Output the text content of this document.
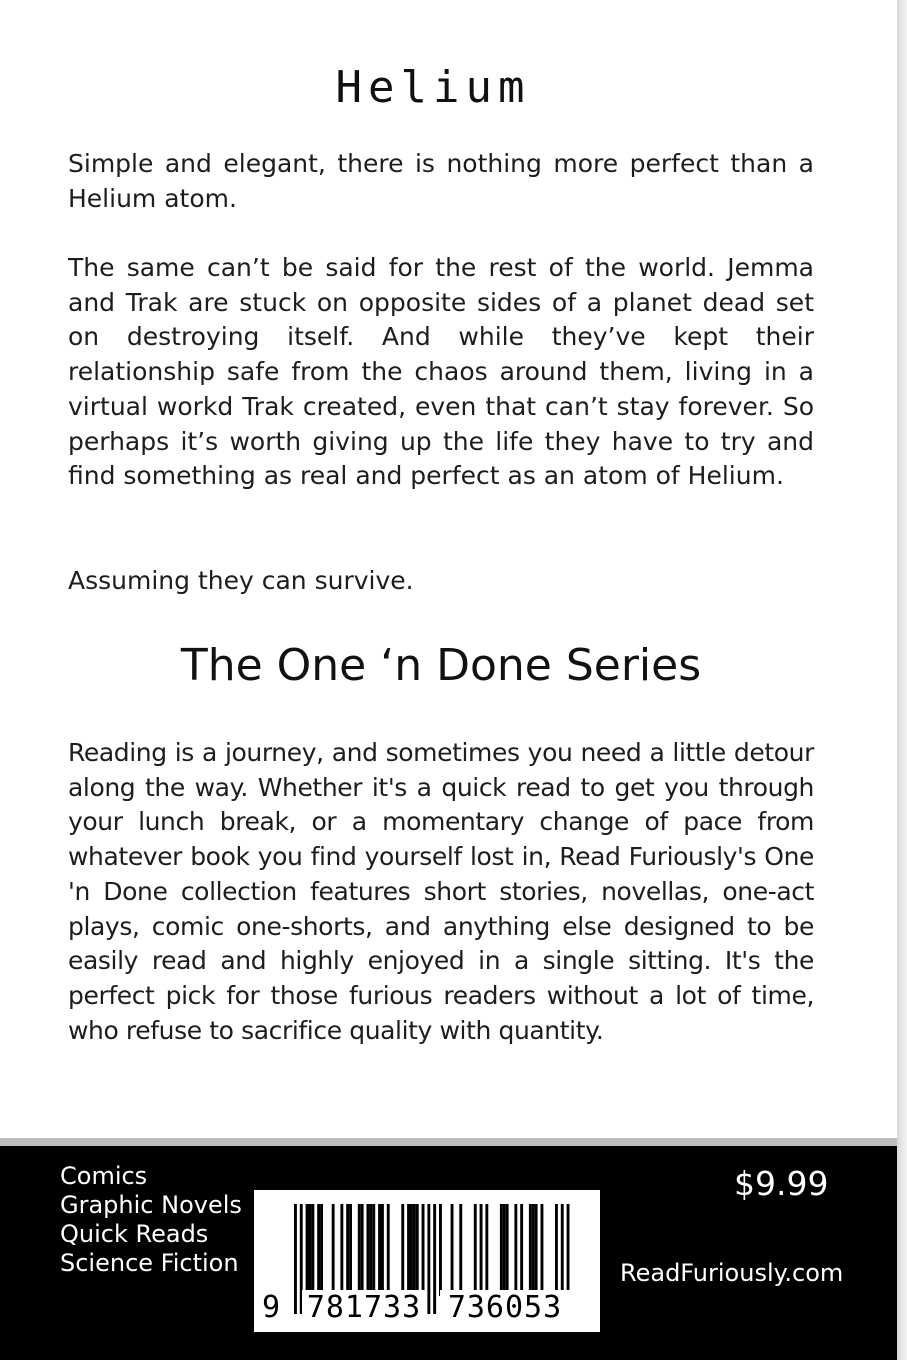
Helium

Simple and elegant, there is nothing more perfect than a Helium atom.

The same can’t be said for the rest of the world. Jemma and Trak are stuck on opposite sides of a planet dead set on destroying itself. And while they’ve kept their relationship safe from the chaos around them, living in a virtual workd Trak created, even that can’t stay forever. So perhaps it’s worth giving up the life they have to try and find something as real and perfect as an atom of Helium.

Assuming they can survive.

The One ‘n Done Series

Reading is a journey, and sometimes you need a little detour along the way. Whether it's a quick read to get you through your lunch break, or a momentary change of pace from whatever book you find yourself lost in, Read Furiously's One 'n Done collection features short stories, novellas, one-act plays, comic one-shorts, and anything else designed to be easily read and highly enjoyed in a single sitting. It's the perfect pick for those furious readers without a lot of time, who refuse to sacrifice quality with quantity.

Comics
Graphic Novels
Quick Reads
Science Fiction
9 781733 736053
$9.99
ReadFuriously.com
